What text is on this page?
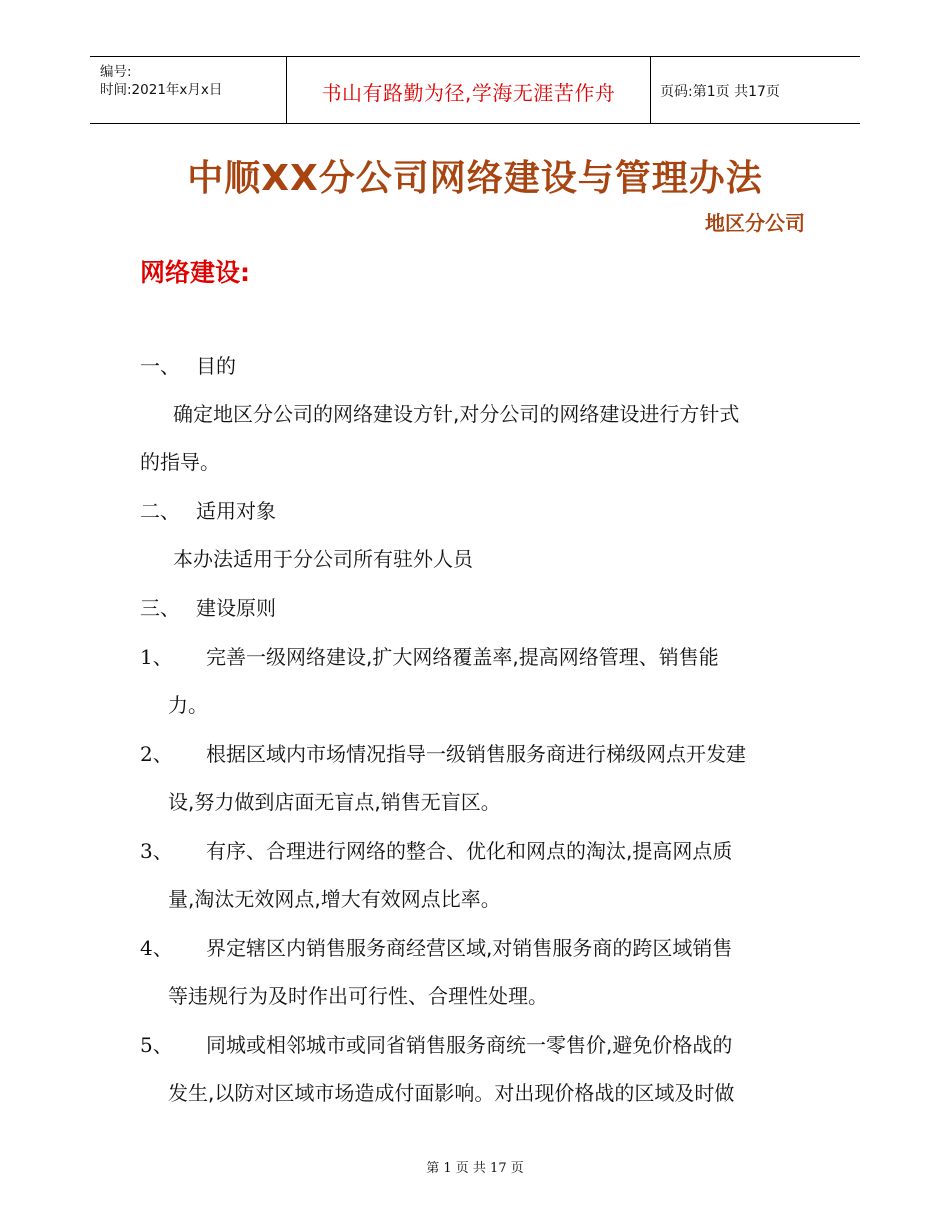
编号:
时间:2021年x月x日	书山有路勤为径,学海无涯苦作舟	页码:第1页 共17页
中顺XX分公司网络建设与管理办法
地区分公司
网络建设:
一、 目的
确定地区分公司的网络建设方针,对分公司的网络建设进行方针式
的指导。
二、 适用对象
本办法适用于分公司所有驻外人员
三、 建设原则
1、 完善一级网络建设,扩大网络覆盖率,提高网络管理、销售能
力。
2、 根据区域内市场情况指导一级销售服务商进行梯级网点开发建
设,努力做到店面无盲点,销售无盲区。
3、 有序、合理进行网络的整合、优化和网点的淘汰,提高网点质
量,淘汰无效网点,增大有效网点比率。
4、 界定辖区内销售服务商经营区域,对销售服务商的跨区域销售
等违规行为及时作出可行性、合理性处理。
5、 同城或相邻城市或同省销售服务商统一零售价,避免价格战的
发生,以防对区域市场造成付面影响。对出现价格战的区域及时做
第 1 页 共 17 页
